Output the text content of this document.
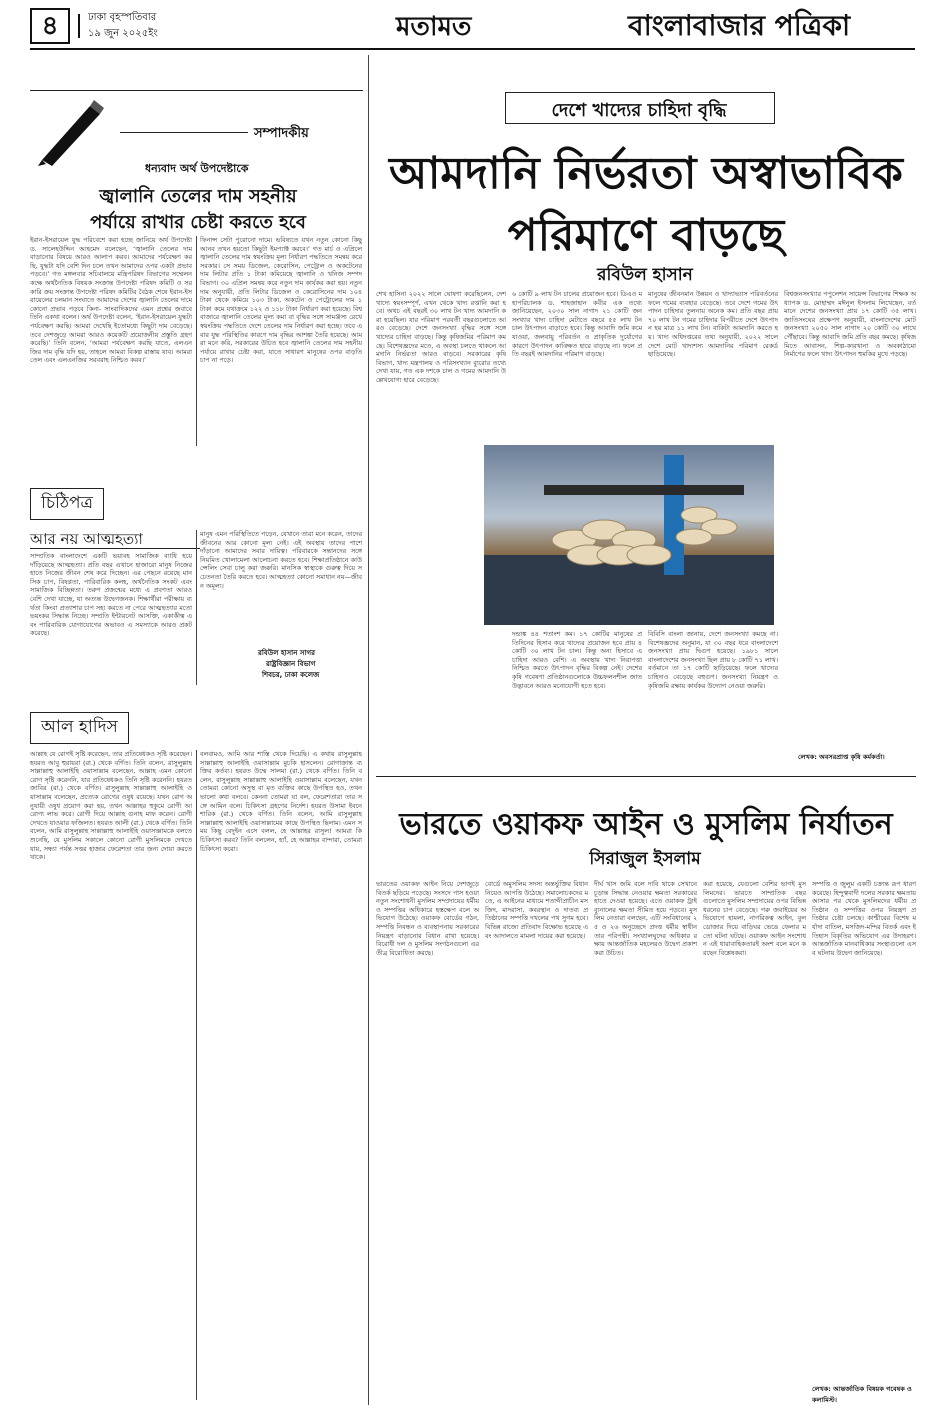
৪	ঢাকা বৃহস্পতিবার
১৯ জুন ২০২৫ইং	মতামত	বাংলাবাজার পত্রিকা
সম্পাদকীয়
ধন্যবাদ অর্থ উপদেষ্টাকে
জ্বালানি তেলের দাম সহনীয়
পর্যায়ে রাখার চেষ্টা করতে হবে
ইরান-ইসরায়েল যুদ্ধ পরিবেশে করা হচ্ছে জানিয়ে অর্থ উপদেষ্টা ড. সালেহউদ্দিন আহমেদ বলেছেন, ‘জ্বালানি তেলের দাম বাড়ানোর বিষয়ে আরও আলাপ করব। আমাদের পর্যবেক্ষণ করছি, যুদ্ধটা যদি বেশি দিন চলে তখন আমাদের ওপর একটা প্রভাব পড়বে।’ গত মঙ্গলবার সচিবালয়ে মন্ত্রিপরিষদ বিভাগের সম্মেলন কক্ষে অর্থনৈতিক বিষয়ক সংক্রান্ত উপদেষ্টা পরিষদ কমিটি ও সরকারি ক্রয় সংক্রান্ত উপদেষ্টা পরিষদ কমিটির বৈঠক শেষে ইরান-ইসরায়েলের চলমান সংঘাতে আমাদের দেশের জ্বালানি তেলের দামে কোনো প্রভাব পড়বে কিনা- সাংবাদিকদের এমন প্রশ্নের জবাবে তিনি একথা বলেন। অর্থ উপদেষ্টা বলেন, ‘ইরান-ইসরায়েল যুদ্ধটা পর্যবেক্ষণ করছি। আমরা দেখেছি ইতোমধ্যে কিছুটা দাম বেড়েছে। তবে দেশজুড়ে আমরা আরও কয়েকটি প্রয়োজনীয় প্রস্তুতি গ্রহণ করেছি।’ তিনি বলেন, ‘আমরা পর্যবেক্ষণ করছি যাতে, এলএনজির দাম বৃদ্ধি যদি হয়, তাহলে আমরা বিকল্প রাস্তায় যাব। আমরা তেল এবং এলএনজির সরবরাহ নিশ্চিত করব।’
ফিনান্স সেটা পুরোনো দামে। ভবিষ্যতে যখন নতুন কোনো কিছু আনব তখন হয়তো কিছুটা ইমপ্যাক্ট করবে।’ গত মার্চ ও এপ্রিলে জ্বালানি তেলের দাম স্বয়ংক্রিয় মূল্য নির্ধারণ পদ্ধতিতে সমন্বয় করে সরকার। সে সময় ডিজেল, কেরোসিন, পেট্রোল ও অকটেনের দাম লিটার প্রতি ১ টাকা কমিয়েছে জ্বালানি ও খনিজ সম্পদ বিভাগ। ৩০ এপ্রিল সমন্বয় করে নতুন দাম কার্যকর করা হয়। নতুন দাম অনুযায়ী, প্রতি লিটার ডিজেল ও কেরোসিনের দাম ১০৪ টাকা থেকে কমিয়ে ১০৩ টাকা, অকটেন ও পেট্রোলের দাম ১ টাকা কমে যথাক্রমে ১২২ ও ১১৮ টাকা নির্ধারণ করা হয়েছে। বিশ্ববাজারে জ্বালানি তেলের মূল্য কমা বা বৃদ্ধির সঙ্গে সামঞ্জস্য রেখে স্বয়ংক্রিয় পদ্ধতিতে দেশে তেলের দাম নির্ধারণ করা হচ্ছে। তবে এবার যুদ্ধ পরিস্থিতির কারণে দাম বৃদ্ধির আশঙ্কা তৈরি হয়েছে। আমরা মনে করি, সরকারের উচিত হবে জ্বালানি তেলের দাম সহনীয় পর্যায়ে রাখার চেষ্টা করা, যাতে সাধারণ মানুষের ওপর বাড়তি চাপ না পড়ে।
চিঠিপত্র
আর নয় আত্মহত্যা
সাম্প্রতিক বাংলাদেশে একটি ভয়াবহ সামাজিক ব্যাধি হয়ে দাঁড়িয়েছে আত্মহত্যা। প্রতি বছর এখানে হাজারো মানুষ নিজের হাতে নিজের জীবন শেষ করে দিচ্ছেন। এর পেছনে রয়েছে মানসিক চাপ, বিষণ্ণতা, পারিবারিক কলহ, অর্থনৈতিক সংকট এবং সামাজিক বিচ্ছিন্নতা। তরুণ প্রজন্মের মধ্যে এ প্রবণতা আরও বেশি দেখা যাচ্ছে, যা অত্যন্ত উদ্বেগজনক। শিক্ষার্থীরা পরীক্ষায় ব্যর্থতা কিংবা প্রত্যাশার চাপ সহ্য করতে না পেরে আত্মহত্যার মতো ভয়ংকর সিদ্ধান্ত নিচ্ছে। সম্প্রতি ইন্টারনেট আসক্তি, একাকীত্ব এবং পারিবারিক যোগাযোগের অভাবও এ সমস্যাকে আরও প্রকট করেছে।
মানুষ এমন পরিস্থিতিতে পড়েন, যেখানে তারা মনে করেন, তাদের জীবনের আর কোনো মূল্য নেই। এই অবস্থায় তাদের পাশে দাঁড়ানো আমাদের সবার দায়িত্ব। পরিবারকে সন্তানদের সঙ্গে নিয়মিত খোলামেলা আলোচনা করতে হবে। শিক্ষাপ্রতিষ্ঠানে কাউন্সেলিং সেবা চালু করা জরুরি। মানসিক স্বাস্থ্যকে গুরুত্ব দিয়ে সচেতনতা তৈরি করতে হবে। আত্মহত্যা কোনো সমাধান নয়—জীবন অমূল্য।
রবিউল হাসান সাগর
রাষ্ট্রবিজ্ঞান বিভাগ
শিবচর, ঢাকা কলেজ
আল হাদিস
আল্লাহ যে রোগই সৃষ্টি করেছেন, তার প্রতিষেধকও সৃষ্টি করেছেন। হযরত আবু হুরায়রা (রা.) থেকে বর্ণিত। তিনি বলেন, রাসুলুল্লাহ সাল্লাল্লাহু আলাইহি ওয়াসাল্লাম বলেছেন, আল্লাহ এমন কোনো রোগ সৃষ্টি করেননি, যার প্রতিষেধকও তিনি সৃষ্টি করেননি। হযরত জাবির (রা.) থেকে বর্ণিত। রাসুলুল্লাহ সাল্লাল্লাহু আলাইহি ওয়াসাল্লাম বলেছেন, প্রত্যেক রোগের ওষুধ রয়েছে। যখন রোগ অনুযায়ী ওষুধ প্রয়োগ করা হয়, তখন আল্লাহর হুকুমে রোগী আরোগ্য লাভ করে। রোগী দিয়ে আল্লাহ গুনাহ মাফ করেন। রোগী দেখতে যাওয়ার ফজিলত। হযরত আলী (রা.) থেকে বর্ণিত। তিনি বলেন, আমি রাসুলুল্লাহ সাল্লাল্লাহু আলাইহি ওয়াসাল্লামকে বলতে শুনেছি, যে মুসলিম সকালে কোনো রোগী মুসলিমকে দেখতে যায়, সন্ধ্যা পর্যন্ত সত্তর হাজার ফেরেশতা তার জন্য দোয়া করতে থাকে।
বলবামও, আমি আর শাস্তি থেকে দিয়েছি। এ কথায় রাসুলুল্লাহ সাল্লাল্লাহু আলাইহি ওয়াসাল্লাম মুচকি হাসলেন। রোগাক্রান্ত ব্যক্তির কর্তব্য। হযরত উম্মে সালমা (রা.) থেকে বর্ণিত। তিনি বলেন, রাসুলুল্লাহ সাল্লাল্লাহু আলাইহি ওয়াসাল্লাম বলেছেন, যখন তোমরা কোনো অসুস্থ বা মৃত ব্যক্তির কাছে উপস্থিত হও, তখন ভালো কথা বলবে। কেননা তোমরা যা বল, ফেরেশতারা তার সঙ্গে আমিন বলে। চিকিৎসা গ্রহণের নির্দেশ। হযরত উসামা ইবনে শারিক (রা.) থেকে বর্ণিত। তিনি বলেন, আমি রাসুলুল্লাহ সাল্লাল্লাহু আলাইহি ওয়াসাল্লামের কাছে উপস্থিত ছিলাম। এমন সময় কিছু বেদুইন এসে বলল, হে আল্লাহর রাসুল! আমরা কি চিকিৎসা করব? তিনি বললেন, হ্যাঁ, হে আল্লাহর বান্দারা, তোমরা চিকিৎসা করো।
দেশে খাদ্যের চাহিদা বৃদ্ধি
আমদানি নির্ভরতা অস্বাভাবিক
পরিমাণে বাড়ছে
রবিউল হাসান
শেখ হাসিনা ২০২২ সালে ঘোষণা করেছিলেন, দেশ খাদ্যে স্বয়ংসম্পূর্ণ, এখন থেকে খাদ্য রপ্তানি করা হবে। অথচ এই বছরই ৩০ লাখ টন খাদ্য আমদানি করা হয়েছিল। যার পরিমাণ পরবর্তী বছরগুলোতে আরও বেড়েছে। দেশে জনসংখ্যা বৃদ্ধির সঙ্গে সঙ্গে খাদ্যের চাহিদা বাড়ছে। কিন্তু কৃষিজমির পরিমাণ কমছে। বিশেষজ্ঞদের মতে, এ অবস্থা চলতে থাকলে আমদানি নির্ভরতা আরও বাড়বে। সরকারের কৃষি বিভাগ, খাদ্য মন্ত্রণালয় ও পরিসংখ্যান ব্যুরোর তথ্যে দেখা যায়, গত এক দশকে চাল ও গমের আমদানি উল্লেখযোগ্য হারে বেড়েছে।
৬ কোটি ৯ লাখ টন চালের প্রয়োজন হবে। ডিএও মহাপরিচালক ড. শাহজাহান কবীর এক তথ্যে জানিয়েছেন, ২০৩০ সাল নাগাদ ২১ কোটি জনসংখ্যার খাদ্য চাহিদা মেটাতে বছরে ৫৫ লাখ টন চাল উৎপাদন বাড়াতে হবে। কিন্তু আবাদি জমি কমে যাওয়া, জলবায়ু পরিবর্তন ও প্রাকৃতিক দুর্যোগের কারণে উৎপাদন কাঙ্ক্ষিত হারে বাড়ছে না। ফলে প্রতি বছরই আমদানির পরিমাণ বাড়ছে।
মানুষের জীবনমান উন্নয়ন ও খাদ্যাভ্যাস পরিবর্তনের ফলে গমের ব্যবহার বেড়েছে। তবে দেশে গমের উৎপাদন চাহিদার তুলনায় অনেক কম। প্রতি বছর প্রায় ৭০ লাখ টন গমের চাহিদার বিপরীতে দেশে উৎপাদন হয় মাত্র ১১ লাখ টন। বাকিটা আমদানি করতে হয়। খাদ্য অধিদপ্তরের তথ্য অনুযায়ী, ২০২২ সালে দেশে মোট খাদ্যশস্য আমদানির পরিমাণ রেকর্ড ছাড়িয়েছে।
বিশ্বজনসংখ্যার পপুলেশন সায়েন্স বিভাগের শিক্ষক অধ্যাপক ড. মোহাম্মদ মঈনুল ইসলাম লিখেছেন, বর্তমানে দেশের জনসংখ্যা প্রায় ১৭ কোটি ৩৫ লাখ। জাতিসংঘের প্রক্ষেপণ অনুযায়ী, বাংলাদেশের মোট জনসংখ্যা ২০৫০ সাল নাগাদ ২০ কোটি ৩০ লাখে পৌঁছাবে। কিন্তু আবাদি জমি প্রতি বছর কমছে। কৃষিজমিতে আবাসন, শিল্প-কারখানা ও অবকাঠামো নির্মাণের ফলে খাদ্য উৎপাদন হুমকির মুখে পড়ছে।
দন্ডাঙ্ক ৪৪ শতাংশ কম। ১৭ কোটির মানুষের প্রতিদিনের হিসাব করে খাদ্যের প্রয়োজন হবে প্রায় ৪ কোটি ৩০ লাখ টন চাল। কিন্তু অন্য হিসাবে এ চাহিদা আরও বেশি। এ অবস্থায় খাদ্য নিরাপত্তা নিশ্চিত করতে উৎপাদন বৃদ্ধির বিকল্প নেই। দেশের কৃষি গবেষণা প্রতিষ্ঠানগুলোকে উচ্চফলনশীল জাত উদ্ভাবনে আরও মনোযোগী হতে হবে।
বিবিসি বাংলা জানায়, দেশে জনসংখ্যা কমছে না। বিশেষজ্ঞদের অনুমান, যা ৩০ বছর ধরে বাংলাদেশে জনসংখ্যা প্রায় দ্বিগুণ হয়েছে। ১৯৮১ সালে বাংলাদেশের জনসংখ্যা ছিল প্রায় ৮ কোটি ৭১ লাখ। বর্তমানে তা ১৭ কোটি ছাড়িয়েছে। ফলে খাদ্যের চাহিদাও বেড়েছে বহুগুণ। জনসংখ্যা নিয়ন্ত্রণ ও কৃষিজমি রক্ষায় কার্যকর উদ্যোগ নেওয়া জরুরি।
লেখক: অবসরপ্রাপ্ত কৃষি কর্মকর্তা।
ভারতে ওয়াকফ আইন ও মুসলিম নির্যাতন
সিরাজুল ইসলাম
ভারতের ওয়াকফ আইন নিয়ে দেশজুড়ে বিতর্ক ছড়িয়ে পড়েছে। সংসদে পাস হওয়া নতুন সংশোধনী মুসলিম সম্প্রদায়ের ধর্মীয় ও সম্পত্তির অধিকারে হস্তক্ষেপ বলে অভিযোগ উঠেছে। ওয়াকফ বোর্ডের গঠন, সম্পত্তি নিবন্ধন ও ব্যবস্থাপনায় সরকারের নিয়ন্ত্রণ বাড়ানোর বিধান রাখা হয়েছে। বিরোধী দল ও মুসলিম সংগঠনগুলো এর তীব্র বিরোধিতা করছে।
বোর্ডে অমুসলিম সদস্য অন্তর্ভুক্তির বিধান নিয়েও আপত্তি উঠেছে। সমালোচকদের মতে, এ আইনের মাধ্যমে শতাব্দীপ্রাচীন মসজিদ, মাদরাসা, কবরস্থান ও দাতব্য প্রতিষ্ঠানের সম্পত্তি দখলের পথ সুগম হবে। বিভিন্ন রাজ্যে প্রতিবাদ বিক্ষোভ হয়েছে এবং আদালতে মামলা দায়ের করা হয়েছে।
দীর্ঘ খাস জমি বলে দাবি থাকে সেখানে চূড়ান্ত সিদ্ধান্ত নেওয়ার ক্ষমতা সরকারের হাতে দেওয়া হয়েছে। এতে ওয়াকফ ট্রাইব্যুনালের ক্ষমতা সীমিত হয়ে পড়বে। মুসলিম নেতারা বলছেন, এটি সংবিধানের ২৫ ও ২৬ অনুচ্ছেদে প্রদত্ত ধর্মীয় স্বাধীনতার পরিপন্থী। সংখ্যালঘুদের অধিকার রক্ষায় আন্তর্জাতিক মহলেরও উদ্বেগ প্রকাশ করা উচিত।
করা হয়েছে, যেগুলো বেশির ভাগই মুসলিমদের। ভারতে সাম্প্রতিক বছরগুলোতে মুসলিম সম্প্রদায়ের ওপর বিভিন্ন ধরনের চাপ বেড়েছে। গরু জবাইয়ের অভিযোগে হামলা, নাগরিকত্ব আইন, বুলডোজার দিয়ে বাড়িঘর ভেঙে ফেলার মতো ঘটনা ঘটছে। ওয়াকফ আইন সংশোধন এই ধারাবাহিকতারই অংশ বলে মনে করছেন বিশ্লেষকরা।
সম্পত্তি ও জুলুম একটি চক্রান্ত রূপ ধারণ করেছে। হিন্দুত্ববাদী দলের সরকার ক্ষমতায় আসার পর থেকে মুসলিমদের ধর্মীয় প্রতিষ্ঠান ও সম্পত্তির ওপর নিয়ন্ত্রণ প্রতিষ্ঠার চেষ্টা চলছে। কাশ্মীরের বিশেষ মর্যাদা বাতিল, মসজিদ-মন্দির বিতর্ক এবং ইতিহাস বিকৃতির অভিযোগ এর উদাহরণ। আন্তর্জাতিক মানবাধিকার সংস্থাগুলো এসব ঘটনায় উদ্বেগ জানিয়েছে।
লেখক: আন্তর্জাতিক বিষয়ক গবেষক ও কলামিস্ট।
